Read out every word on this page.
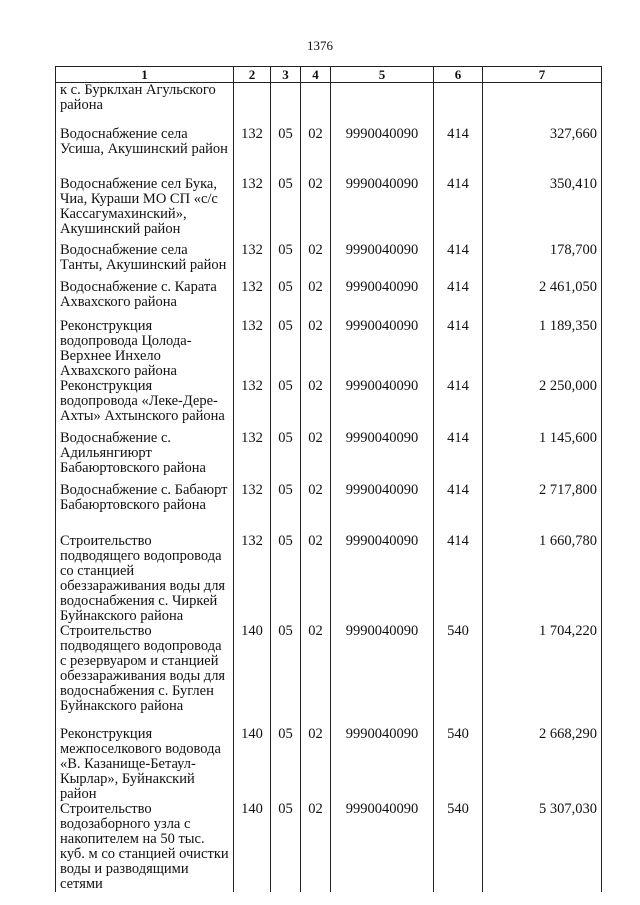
1376
1	2	3	4	5	6	7
к с. Бурклхан Агульского района						
Водоснабжение села Усиша, Акушинский район	132	05	02	9990040090	414	327,660
Водоснабжение сел Бука, Чиа, Кураши МО СП «с/с Кассагумахинский», Акушинский район	132	05	02	9990040090	414	350,410
Водоснабжение села Танты, Акушинский район	132	05	02	9990040090	414	178,700
Водоснабжение с. Карата Ахвахского района	132	05	02	9990040090	414	2 461,050
Реконструкция водопровода Цолода-Верхнее Инхело Ахвахского района	132	05	02	9990040090	414	1 189,350
Реконструкция водопровода «Леке-Дере-Ахты» Ахтынского района	132	05	02	9990040090	414	2 250,000
Водоснабжение с. Адильянгиюрт Бабаюртовского района	132	05	02	9990040090	414	1 145,600
Водоснабжение с. Бабаюрт Бабаюртовского района	132	05	02	9990040090	414	2 717,800
Строительство подводящего водопровода со станцией обеззараживания воды для водоснабжения с. Чиркей Буйнакского района	132	05	02	9990040090	414	1 660,780
Строительство подводящего водопровода с резервуаром и станцией обеззараживания воды для водоснабжения с. Буглен Буйнакского района	140	05	02	9990040090	540	1 704,220
Реконструкция межпоселкового водовода «В. Казанище-Бетаул-Кырлар», Буйнакский район	140	05	02	9990040090	540	2 668,290
Строительство водозаборного узла с накопителем на 50 тыс. куб. м со станцией очистки воды и разводящими сетями	140	05	02	9990040090	540	5 307,030
